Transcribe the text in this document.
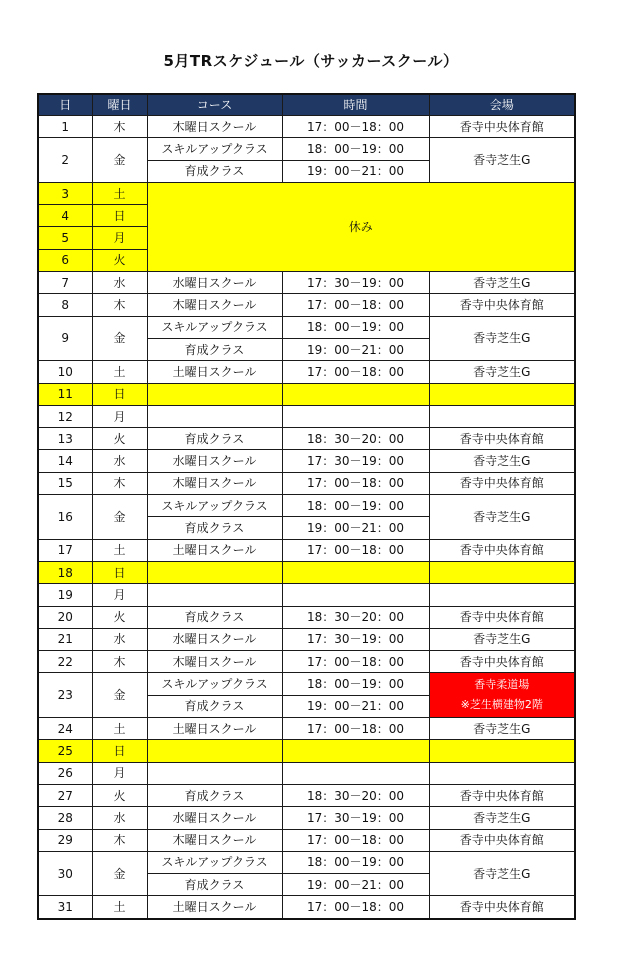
5月TRスケジュール（サッカースクール）
日	曜日	コース	時間	会場
1	木	木曜日スクール	17：00－18：00	香寺中央体育館
2	金	スキルアップクラス	18：00－19：00	香寺芝生G
		育成クラス	19：00－21：00	
3	土	休み		
4	日			
5	月			
6	火			
7	水	水曜日スクール	17：30－19：00	香寺芝生G
8	木	木曜日スクール	17：00－18：00	香寺中央体育館
9	金	スキルアップクラス	18：00－19：00	香寺芝生G
		育成クラス	19：00－21：00	
10	土	土曜日スクール	17：00－18：00	香寺芝生G
11	日			
12	月			
13	火	育成クラス	18：30－20：00	香寺中央体育館
14	水	水曜日スクール	17：30－19：00	香寺芝生G
15	木	木曜日スクール	17：00－18：00	香寺中央体育館
16	金	スキルアップクラス	18：00－19：00	香寺芝生G
		育成クラス	19：00－21：00	
17	土	土曜日スクール	17：00－18：00	香寺中央体育館
18	日			
19	月			
20	火	育成クラス	18：30－20：00	香寺中央体育館
21	水	水曜日スクール	17：30－19：00	香寺芝生G
22	木	木曜日スクール	17：00－18：00	香寺中央体育館
23	金	スキルアップクラス	18：00－19：00	香寺柔道場
※芝生横建物2階

		育成クラス	19：00－21：00	
24	土	土曜日スクール	17：00－18：00	香寺芝生G
25	日			
26	月			
27	火	育成クラス	18：30－20：00	香寺中央体育館
28	水	水曜日スクール	17：30－19：00	香寺芝生G
29	木	木曜日スクール	17：00－18：00	香寺中央体育館
30	金	スキルアップクラス	18：00－19：00	香寺芝生G
		育成クラス	19：00－21：00	
31	土	土曜日スクール	17：00－18：00	香寺中央体育館
